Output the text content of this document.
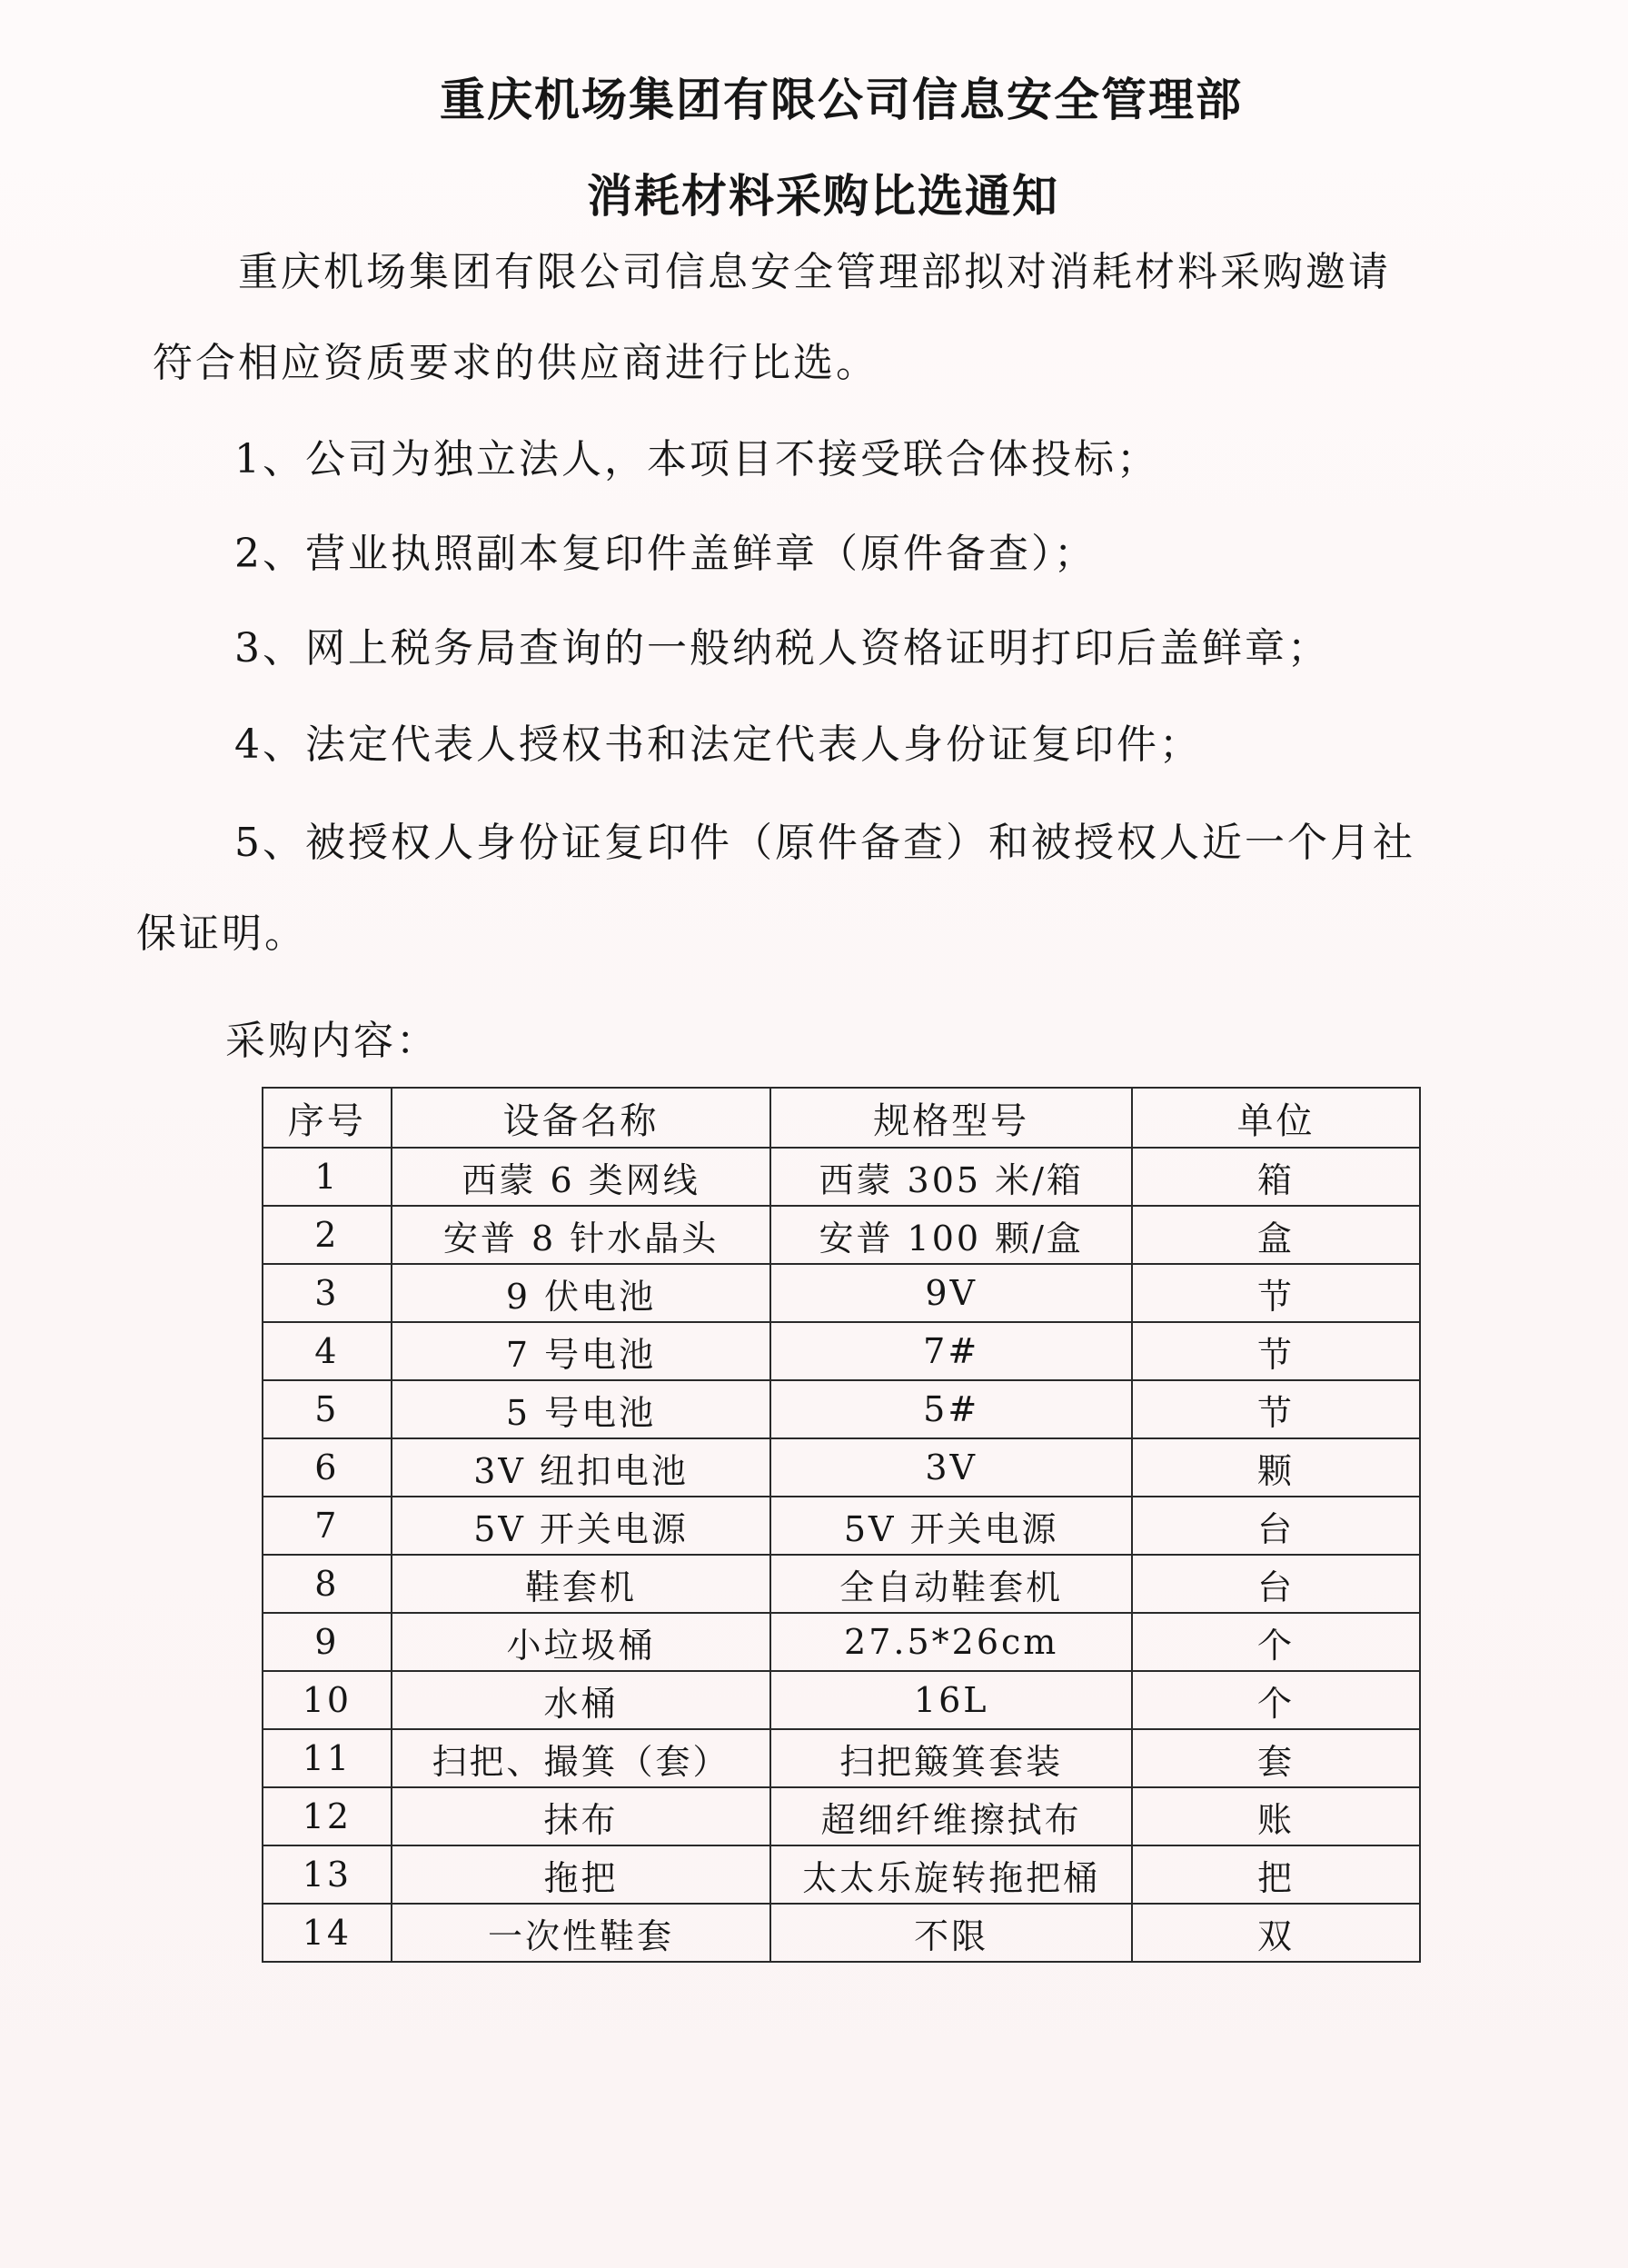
重庆机场集团有限公司信息安全管理部
消耗材料采购比选通知
重庆机场集团有限公司信息安全管理部拟对消耗材料采购邀请
符合相应资质要求的供应商进行比选。
1、公司为独立法人，本项目不接受联合体投标；
2、营业执照副本复印件盖鲜章（原件备查）；
3、网上税务局查询的一般纳税人资格证明打印后盖鲜章；
4、法定代表人授权书和法定代表人身份证复印件；
5、被授权人身份证复印件（原件备查）和被授权人近一个月社
保证明。
采购内容：
序号	设备名称	规格型号	单位
1	西蒙 6 类网线	西蒙 305 米/箱	箱
2	安普 8 针水晶头	安普 100 颗/盒	盒
3	9 伏电池	9V	节
4	7 号电池	7#	节
5	5 号电池	5#	节
6	3V 纽扣电池	3V	颗
7	5V 开关电源	5V 开关电源	台
8	鞋套机	全自动鞋套机	台
9	小垃圾桶	27.5*26cm	个
10	水桶	16L	个
11	扫把、撮箕（套）	扫把簸箕套装	套
12	抹布	超细纤维擦拭布	账
13	拖把	太太乐旋转拖把桶	把
14	一次性鞋套	不限	双
